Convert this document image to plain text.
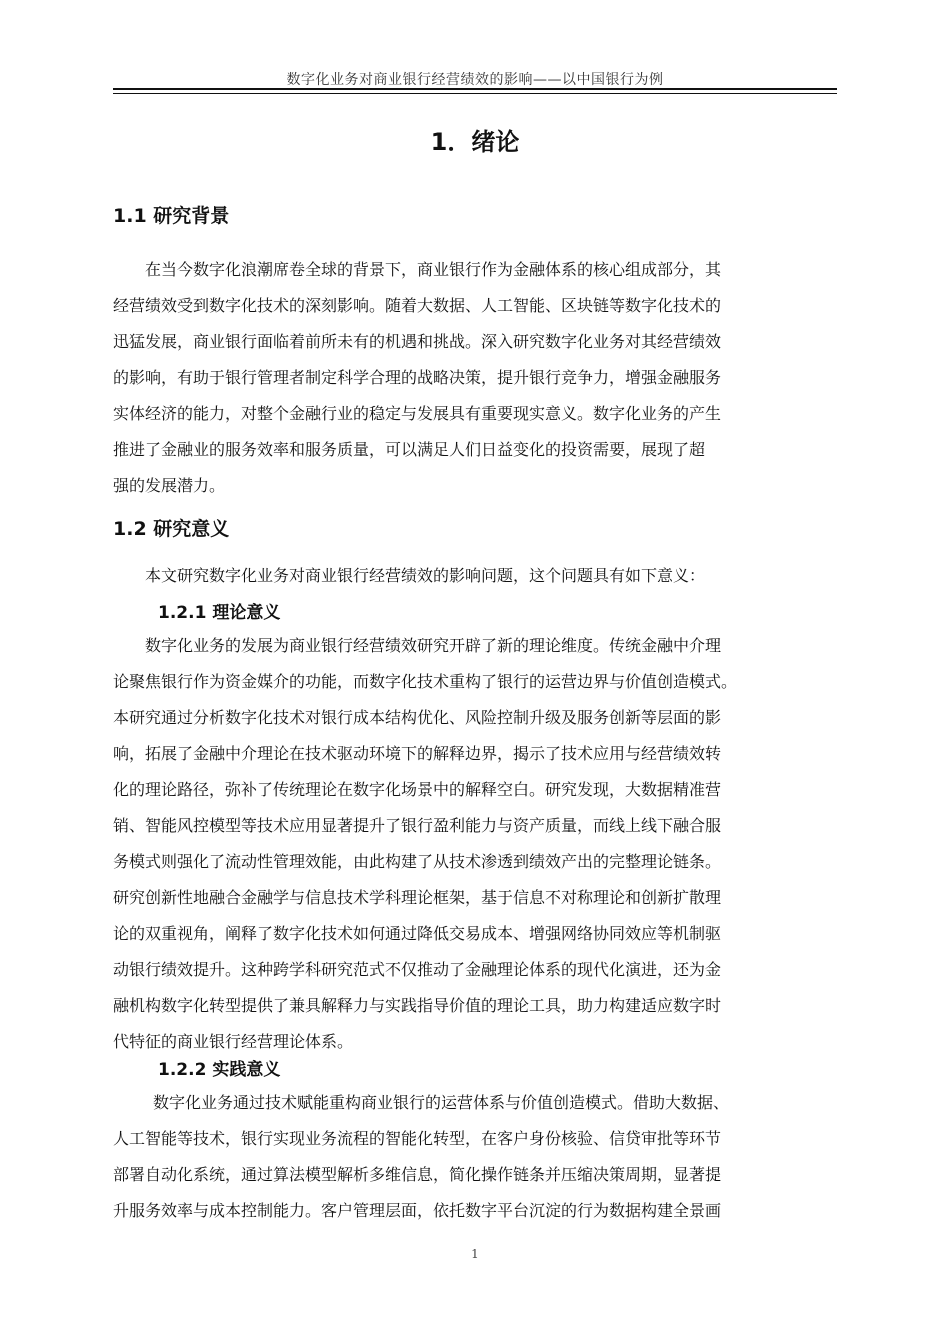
数字化业务对商业银行经营绩效的影响——以中国银行为例
1．绪论
1.1 研究背景
　　在当今数字化浪潮席卷全球的背景下，商业银行作为金融体系的核心组成部分，其
经营绩效受到数字化技术的深刻影响。随着大数据、人工智能、区块链等数字化技术的
迅猛发展，商业银行面临着前所未有的机遇和挑战。深入研究数字化业务对其经营绩效
的影响，有助于银行管理者制定科学合理的战略决策，提升银行竞争力，增强金融服务
实体经济的能力，对整个金融行业的稳定与发展具有重要现实意义。数字化业务的产生
推进了金融业的服务效率和服务质量，可以满足人们日益变化的投资需要，展现了超
强的发展潜力。
1.2 研究意义
　　本文研究数字化业务对商业银行经营绩效的影响问题，这个问题具有如下意义：
1.2.1 理论意义
　　数字化业务的发展为商业银行经营绩效研究开辟了新的理论维度。传统金融中介理
论聚焦银行作为资金媒介的功能，而数字化技术重构了银行的运营边界与价值创造模式。
本研究通过分析数字化技术对银行成本结构优化、风险控制升级及服务创新等层面的影
响，拓展了金融中介理论在技术驱动环境下的解释边界，揭示了技术应用与经营绩效转
化的理论路径，弥补了传统理论在数字化场景中的解释空白。研究发现，大数据精准营
销、智能风控模型等技术应用显著提升了银行盈利能力与资产质量，而线上线下融合服
务模式则强化了流动性管理效能，由此构建了从技术渗透到绩效产出的完整理论链条。
研究创新性地融合金融学与信息技术学科理论框架，基于信息不对称理论和创新扩散理
论的双重视角，阐释了数字化技术如何通过降低交易成本、增强网络协同效应等机制驱
动银行绩效提升。这种跨学科研究范式不仅推动了金融理论体系的现代化演进，还为金
融机构数字化转型提供了兼具解释力与实践指导价值的理论工具，助力构建适应数字时
代特征的商业银行经营理论体系。
1.2.2 实践意义
　　 数字化业务通过技术赋能重构商业银行的运营体系与价值创造模式。借助大数据、
人工智能等技术，银行实现业务流程的智能化转型，在客户身份核验、信贷审批等环节
部署自动化系统，通过算法模型解析多维信息，简化操作链条并压缩决策周期，显著提
升服务效率与成本控制能力。客户管理层面，依托数字平台沉淀的行为数据构建全景画
1
